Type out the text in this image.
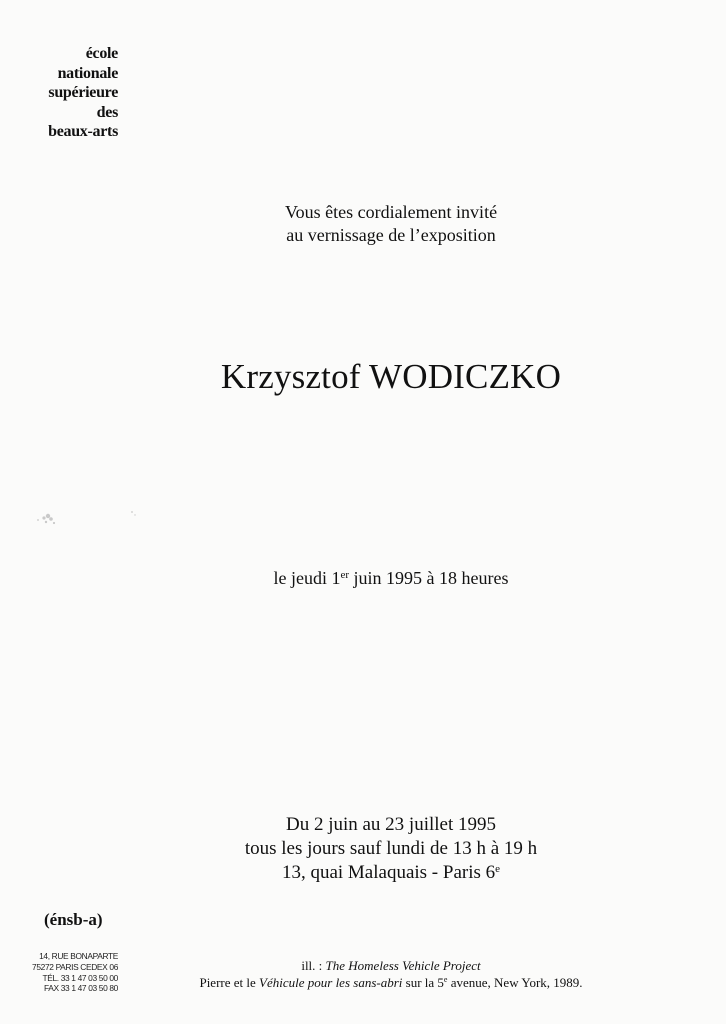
école
nationale
supérieure
des
beaux-arts
Vous êtes cordialement invité
au vernissage de l’exposition
Krzysztof WODICZKO
le jeudi 1er juin 1995 à 18 heures
Du 2 juin au 23 juillet 1995
tous les jours sauf lundi de 13 h à 19 h
13, quai Malaquais - Paris 6e
(énsb-a)
14, RUE BONAPARTE
75272 PARIS CEDEX 06
TÉL. 33 1 47 03 50 00
FAX 33 1 47 03 50 80
ill. : The Homeless Vehicle Project
Pierre et le Véhicule pour les sans-abri sur la 5e avenue, New York, 1989.
